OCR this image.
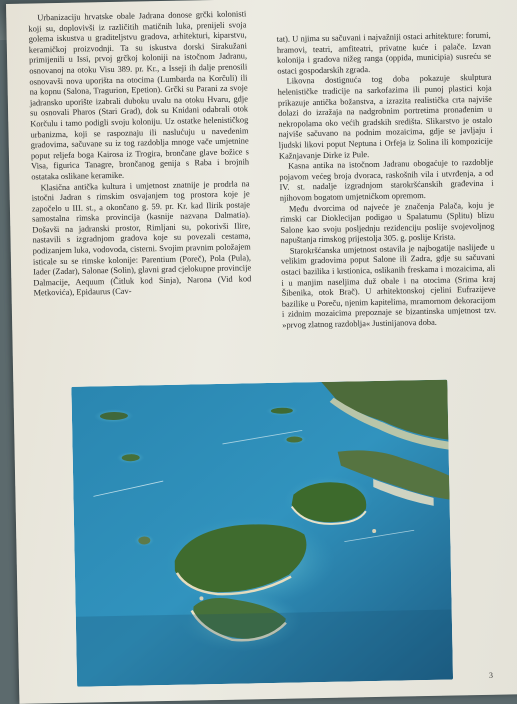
Urbanizaciju hrvatske obale Jadrana donose grčki kolonisti koji su, doplovivši iz različitih matičnih luka, prenijeli svoja golema iskustva u graditeljstvu gradova, arhitekturi, kiparstvu, keramičkoj proizvodnji. Ta su iskustva dorski Sirakužani primijenili u Issi, prvoj grčkoj koloniji na istočnom Jadranu, osnovanoj na otoku Visu 389. pr. Kr., a Isseji ih dalje prenosili osnovavši nova uporišta na otocima (Lumbarda na Korčuli) ili na kopnu (Salona, Tragurion, Epetion). Grčki su Parani za svoje jadransko uporište izabrali duboku uvalu na otoku Hvaru, gdje su osnovali Pharos (Stari Grad), dok su Knidani odabrali otok Korčulu i tamo podigli svoju koloniju. Uz ostatke helenističkog urbanizma, koji se raspoznaju ili naslućuju u navedenim gradovima, sačuvane su iz tog razdoblja mnoge vače umjetnine poput reljefa boga Kairosa iz Trogira, brončane glave božice s Visa, figurica Tanagre, brončanog genija s Raba i brojnih ostataka oslikane keramike.

Klasična antička kultura i umjetnost znatnije je prodrla na istočni Jadran s rimskim osvajanjem tog prostora koje je započelo u III. st., a okončano g. 59. pr. Kr. kad Ilirik postaje samostalna rimska provincija (kasnije nazvana Dalmatia). Došavši na jadranski prostor, Rimljani su, pokorivši Ilire, nastavili s izgradnjom gradova koje su povezali cestama, podizanjem luka, vodovoda, cisterni. Svojim pravnim položajem isticale su se rimske kolonije: Parentium (Poreč), Pola (Pula), Iader (Zadar), Salonae (Solin), glavni grad cjelokupne provincije Dalmacije, Aequum (Čitluk kod Sinja), Narona (Vid kod Metkovića), Epidaurus (Cav-

tat). U njima su sačuvani i najvažniji ostaci arhitekture: forumi, hramovi, teatri, amfiteatri, privatne kuće i palače. Izvan kolonija i gradova nižeg ranga (oppida, municipia) susreću se ostaci gospodarskih zgrada.

Likovna dostignuća tog doba pokazuje skulptura helenističke tradicije na sarkofazima ili punoj plastici koja prikazuje antička božanstva, a izrazita realistička crta najviše dolazi do izražaja na nadgrobnim portretima pronađenim u nekropolama oko većih gradskih središta. Slikarstvo je ostalo najviše sačuvano na podnim mozaicima, gdje se javljaju i ljudski likovi poput Neptuna i Orfeja iz Solina ili kompozicije Kažnjavanje Dirke iz Pule.

Kasna antika na istočnom Jadranu obogaćuje to razdoblje pojavom većeg broja dvoraca, raskošnih vila i utvrđenja, a od IV. st. nadalje izgradnjom starokršćanskih građevina i njihovom bogatom umjetničkom opremom.

Među dvorcima od najveće je značenja Palača, koju je rimski car Dioklecijan podigao u Spalatumu (Splitu) blizu Salone kao svoju posljednju rezidenciju poslije svojevoljnog napuštanja rimskog prijestolja 305. g. poslije Krista.

Starokršćanska umjetnost ostavila je najbogatije naslijeđe u velikim gradovima poput Salone ili Zadra, gdje su sačuvani ostaci bazilika i krstionica, oslikanih freskama i mozaicima, ali i u manjim naseljima duž obale i na otocima (Srima kraj Šibenika, otok Brač). U arhitektonskoj cjelini Eufrazijeve bazilike u Poreču, njenim kapitelima, mramornom dekoracijom i zidnim mozaicima prepoznaje se bizantinska umjetnost tzv. »prvog zlatnog razdoblja« Justinijanova doba.

3
